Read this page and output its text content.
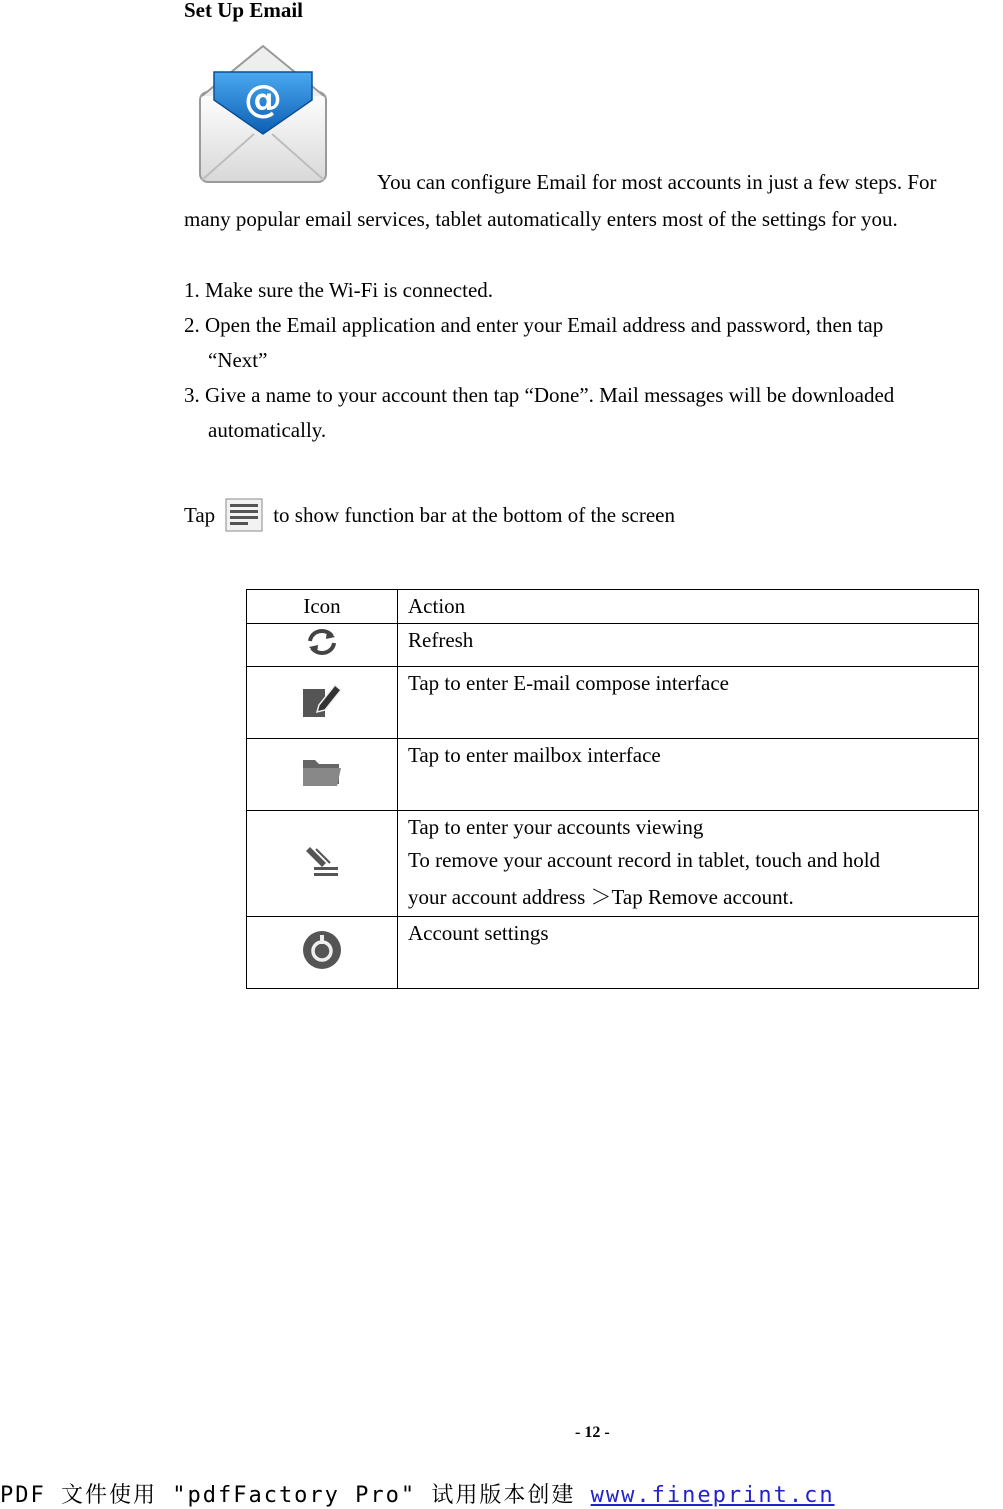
Set Up Email
@
You can configure Email for most accounts in just a few steps. For
many popular email services, tablet automatically enters most of the settings for you.
1. Make sure the Wi-Fi is connected.
2. Open the Email application and enter your Email address and password, then tap
“Next”
3. Give a name to your account then tap “Done”. Mail messages will be downloaded
automatically.
Tap	to show function bar at the bottom of the screen
Icon	Action

Refresh

Tap to enter E-mail compose interface

Tap to enter mailbox interface

Tap to enter your accounts viewing
To remove your account record in tablet, touch and hold
your account address ＞Tap Remove account.

Account settings
- 12 -
PDF 文件使用 "pdfFactory Pro" 试用版本创建 www.fineprint.cn
